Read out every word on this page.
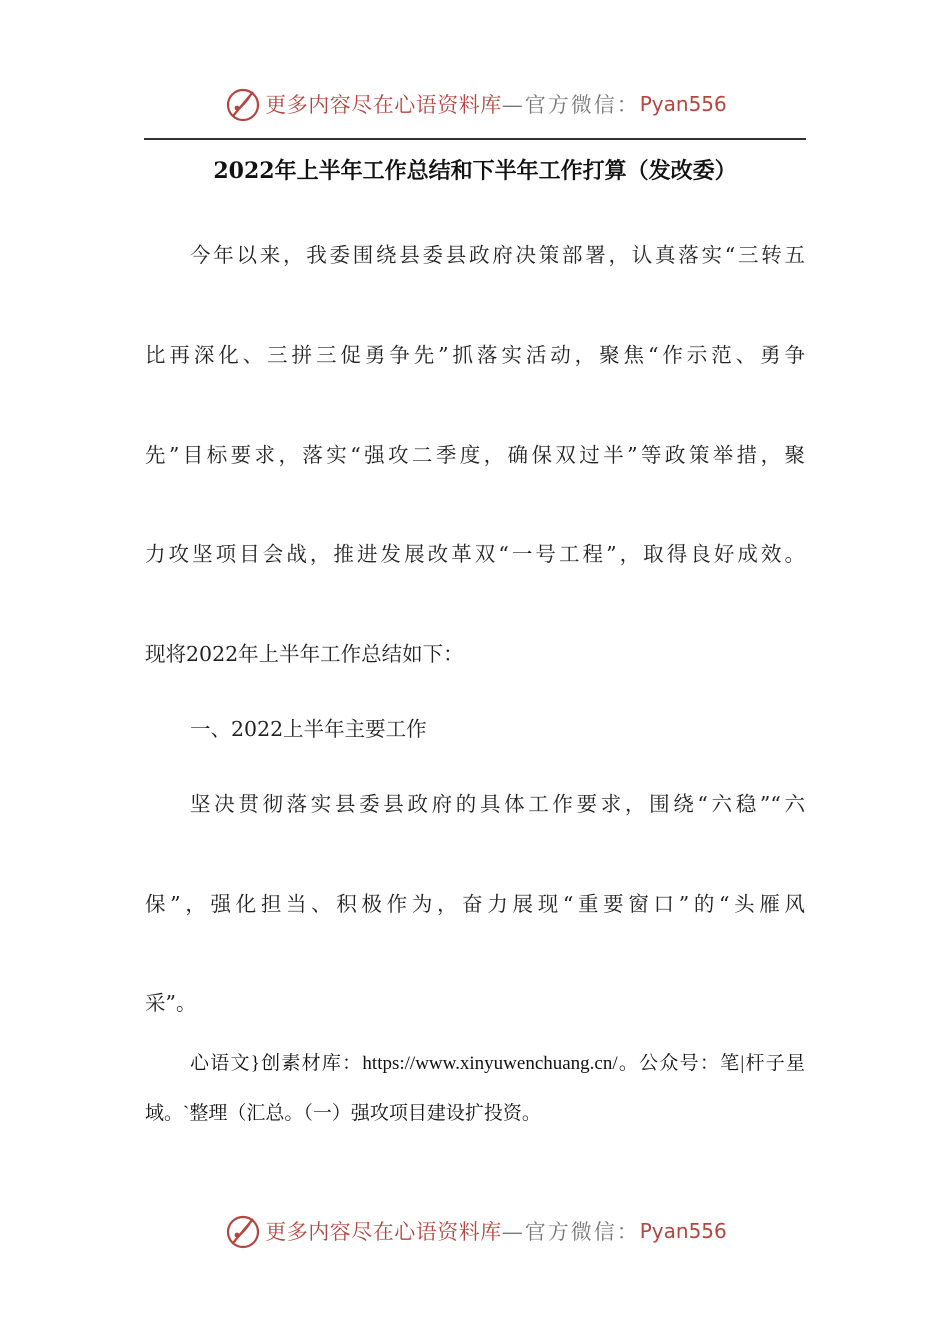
更多内容尽在心语资料库 —官方微信： Pyan556
2022年上半年工作总结和下半年工作打算（发改委）
今年以来，我委围绕县委县政府决策部署，认真落实“三转五
比再深化、三拼三促勇争先”抓落实活动，聚焦“作示范、勇争
先”目标要求，落实“强攻二季度，确保双过半”等政策举措，聚
力攻坚项目会战，推进发展改革双“一号工程”，取得良好成效。
现将2022年上半年工作总结如下：
一、2022上半年主要工作
坚决贯彻落实县委县政府的具体工作要求，围绕“六稳”“六
保”，强化担当、积极作为，奋力展现“重要窗口”的“头雁风
采”。
心语文}创素材库：https://www.xinyuwenchuang.cn/。公众号：笔|杆子星
域。`整理（汇总。（一）强攻项目建设扩投资。
更多内容尽在心语资料库 —官方微信： Pyan556
